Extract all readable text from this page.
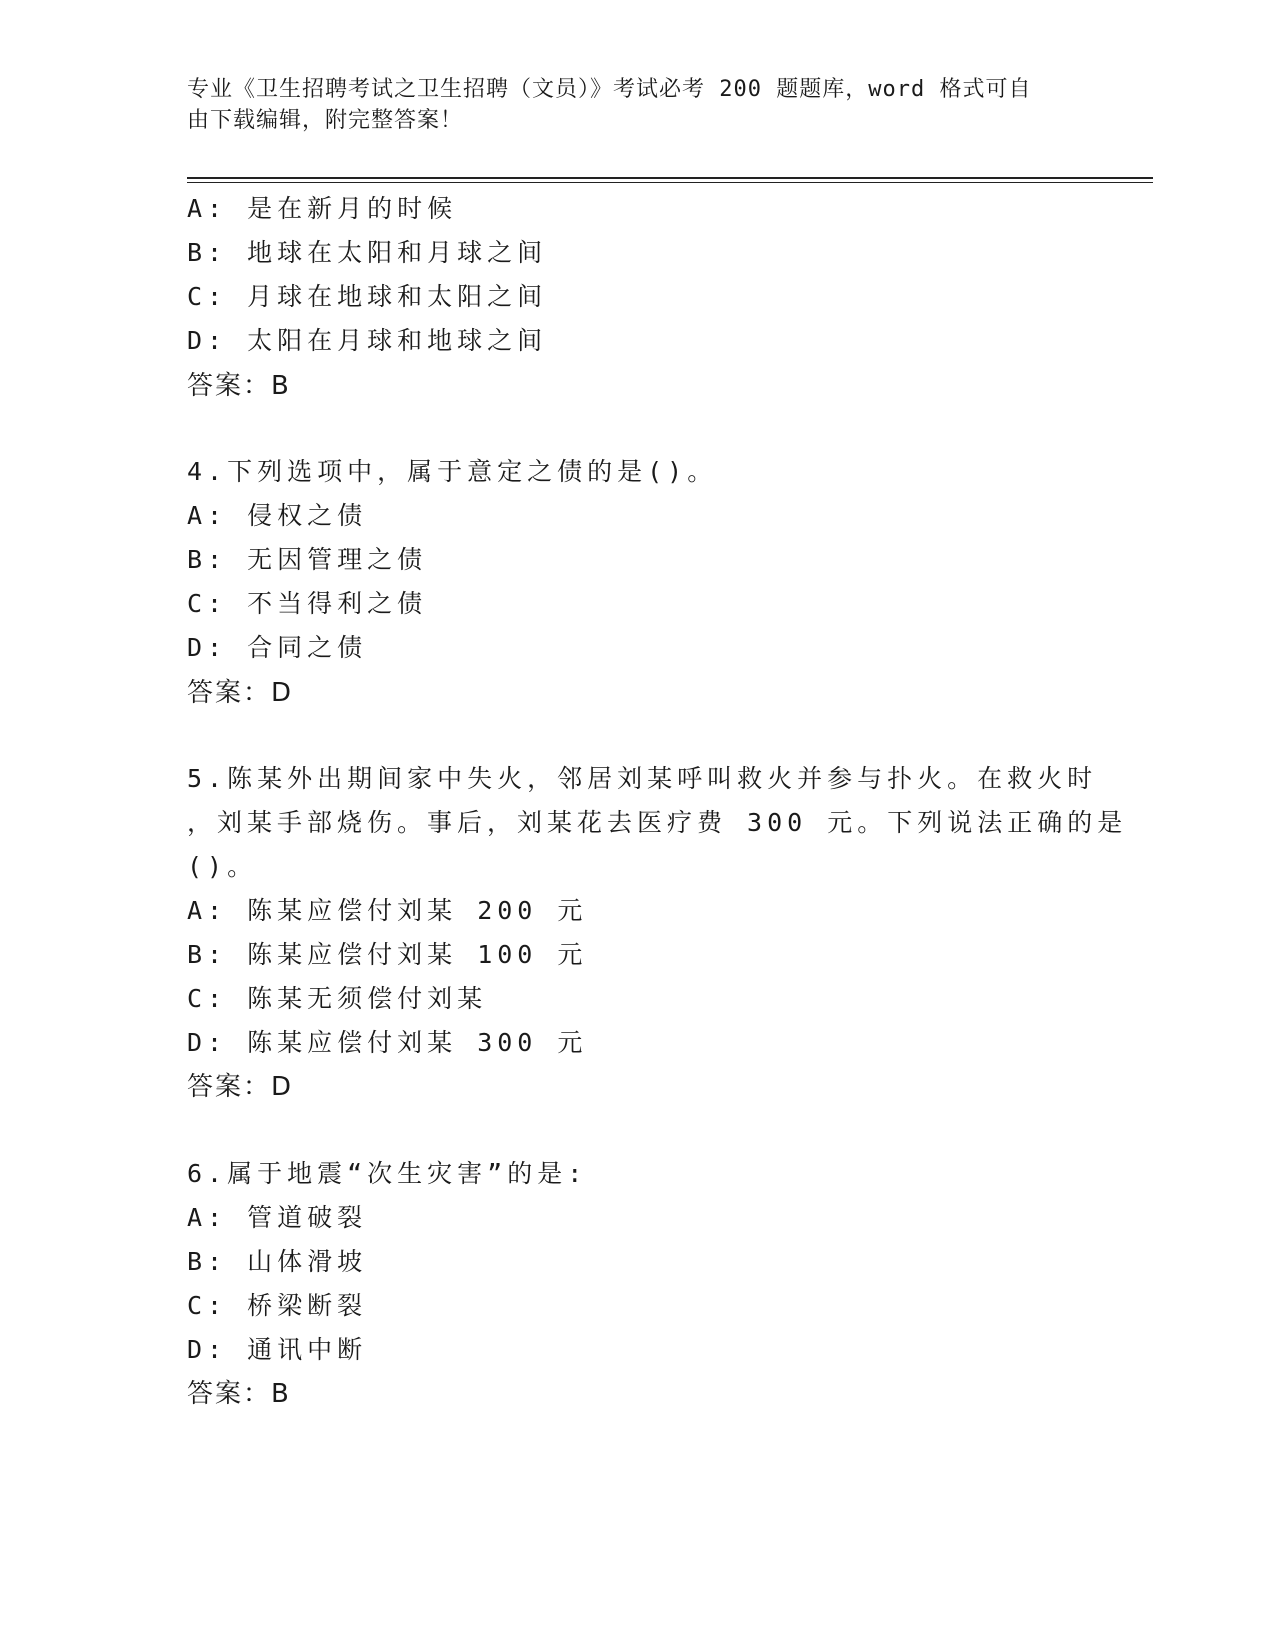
专业《卫生招聘考试之卫生招聘（文员）》考试必考 200 题题库，word 格式可自
由下载编辑，附完整答案！
A: 是在新月的时候
B: 地球在太阳和月球之间
C: 月球在地球和太阳之间
D: 太阳在月球和地球之间
答案：B
4.下列选项中，属于意定之债的是()。
A: 侵权之债
B: 无因管理之债
C: 不当得利之债
D: 合同之债
答案：D
5.陈某外出期间家中失火，邻居刘某呼叫救火并参与扑火。在救火时
，刘某手部烧伤。事后，刘某花去医疗费 300 元。下列说法正确的是
()。
A: 陈某应偿付刘某 200 元
B: 陈某应偿付刘某 100 元
C: 陈某无须偿付刘某
D: 陈某应偿付刘某 300 元
答案：D
6.属于地震“次生灾害”的是:
A: 管道破裂
B: 山体滑坡
C: 桥梁断裂
D: 通讯中断
答案：B
